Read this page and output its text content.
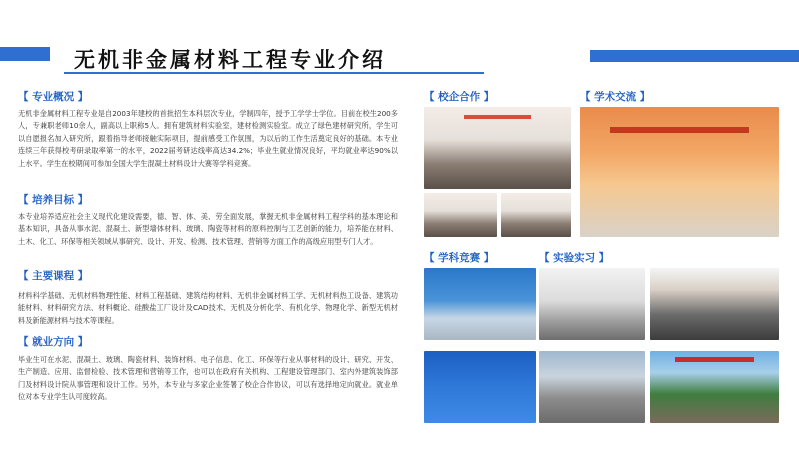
无机非金属材料工程专业介绍
【 专业概况 】
无机非金属材料工程专业是自2003年建校的首批招生本科层次专业，学制四年，授予工学学士学位。目前在校生200多人，专兼职老师10余人，副高以上职称5人。拥有建筑材料实验室，建材检测实验室。成立了绿色建材研究所，学生可以自愿报名加入研究所，跟着指导老师接触实际项目，提前感受工作氛围，为以后的工作生活奠定良好的基础。本专业连续三年获得校考研录取率第一的水平，2022届考研达线率高达34.2%；毕业生就业情况良好，平均就业率达90%以上水平。学生在校期间可参加全国大学生混凝土材料设计大赛等学科竞赛。
【 培养目标 】
本专业培养适应社会主义现代化建设需要，德、智、体、美、劳全面发展，掌握无机非金属材料工程学科的基本理论和基本知识，具备从事水泥、混凝土、新型墙体材料、玻璃、陶瓷等材料的原料控制与工艺创新的能力，培养能在材料、土木、化工、环保等相关领域从事研究、设计、开发、检测、技术管理、营销等方面工作的高级应用型专门人才。
【 主要课程 】
材料科学基础、无机材料物理性能、材料工程基础、建筑结构材料、无机非金属材料工学、无机材料热工设备、建筑功能材料、材料研究方法、材料概论、硅酸盐工厂设计及CAD技术、无机及分析化学、有机化学、物理化学、新型无机材料及新能源材料与技术等课程。
【 就业方向 】
毕业生可在水泥、混凝土、玻璃、陶瓷材料、装饰材料、电子信息、化工、环保等行业从事材料的设计、研究、开发、生产制造、应用、监督检验、技术管理和营销等工作，也可以在政府有关机构、工程建设管理部门、室内外建筑装饰部门及材料设计院从事管理和设计工作。另外，本专业与多家企业签署了校企合作协议，可以有选择地定向就业。就业单位对本专业学生认可度较高。
【 校企合作 】	【 学术交流 】
【 学科竞赛 】	【 实验实习 】
